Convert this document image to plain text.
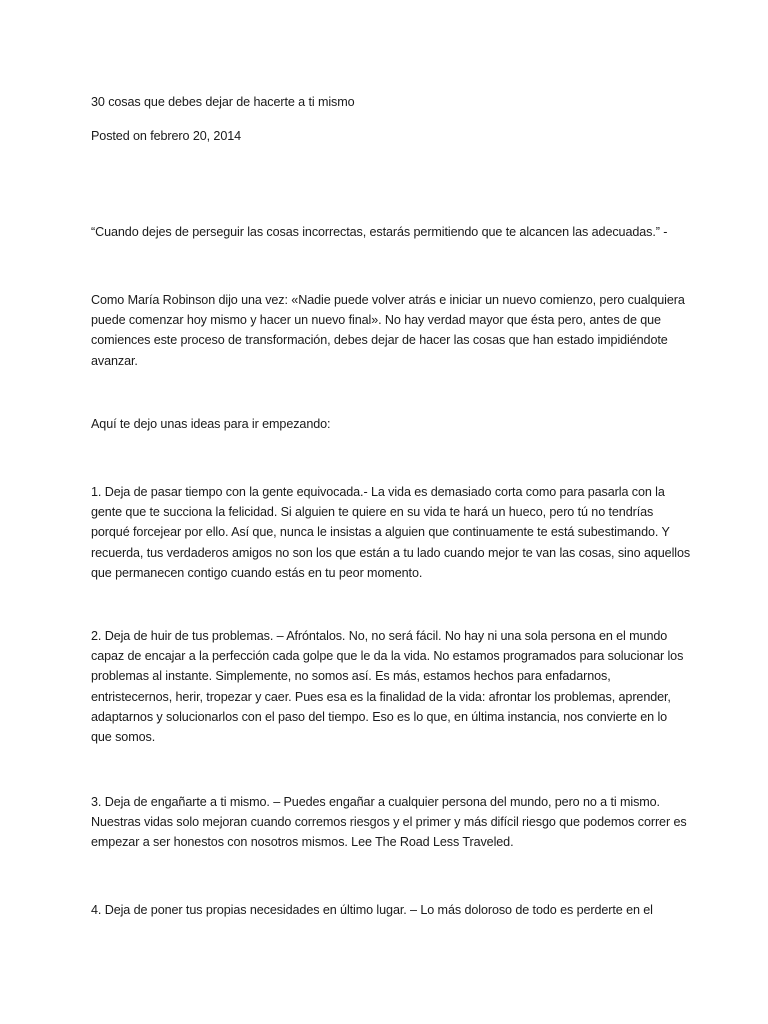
30 cosas que debes dejar de hacerte a ti mismo

Posted on febrero 20, 2014

“Cuando dejes de perseguir las cosas incorrectas, estarás permitiendo que te alcancen las adecuadas.” -

Como María Robinson dijo una vez: «Nadie puede volver atrás e iniciar un nuevo comienzo, pero cualquiera puede comenzar hoy mismo y hacer un nuevo final». No hay verdad mayor que ésta pero, antes de que comiences este proceso de transformación, debes dejar de hacer las cosas que han estado impidiéndote avanzar.

Aquí te dejo unas ideas para ir empezando:

1. Deja de pasar tiempo con la gente equivocada.- La vida es demasiado corta como para pasarla con la gente que te succiona la felicidad. Si alguien te quiere en su vida te hará un hueco, pero tú no tendrías porqué forcejear por ello. Así que, nunca le insistas a alguien que continuamente te está subestimando. Y recuerda, tus verdaderos amigos no son los que están a tu lado cuando mejor te van las cosas, sino aquellos que permanecen contigo cuando estás en tu peor momento.

2. Deja de huir de tus problemas. – Afróntalos. No, no será fácil. No hay ni una sola persona en el mundo capaz de encajar a la perfección cada golpe que le da la vida. No estamos programados para solucionar los problemas al instante. Simplemente, no somos así. Es más, estamos hechos para enfadarnos, entristecernos, herir, tropezar y caer. Pues esa es la finalidad de la vida: afrontar los problemas, aprender, adaptarnos y solucionarlos con el paso del tiempo. Eso es lo que, en última instancia, nos convierte en lo que somos.

3. Deja de engañarte a ti mismo. – Puedes engañar a cualquier persona del mundo, pero no a ti mismo. Nuestras vidas solo mejoran cuando corremos riesgos y el primer y más difícil riesgo que podemos correr es empezar a ser honestos con nosotros mismos. Lee The Road Less Traveled.

4. Deja de poner tus propias necesidades en último lugar. – Lo más doloroso de todo es perderte en el
